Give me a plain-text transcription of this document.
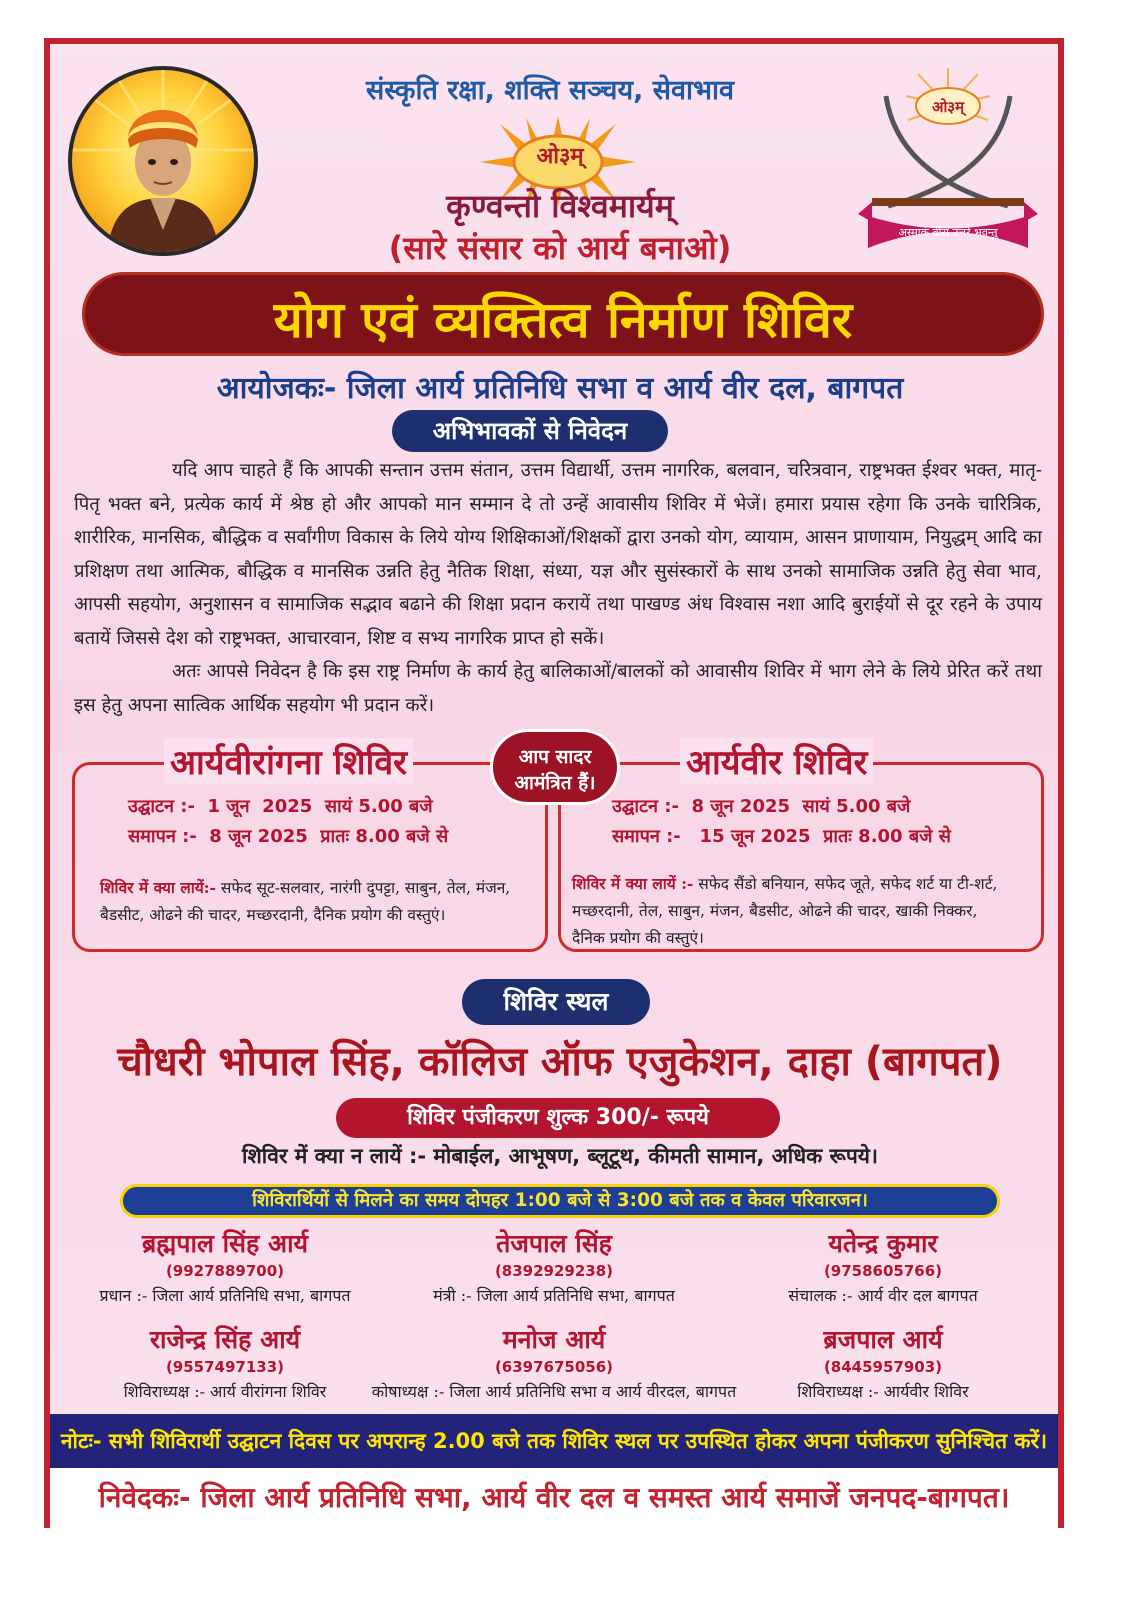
संस्कृति रक्षा, शक्ति सञ्चय, सेवाभाव
ओ३म्
कृण्वन्तो विश्वमार्यम्
(सारे संसार को आर्य बनाओ)
ओ३म्
अस्माकं वीरा उत्तरे भवन्तु
योग एवं व्यक्तित्व निर्माण शिविर
आयोजकः- जिला आर्य प्रतिनिधि सभा व आर्य वीर दल, बागपत
अभिभावकों से निवेदन

यदि आप चाहते हैं कि आपकी सन्तान उत्तम संतान, उत्तम विद्यार्थी, उत्तम नागरिक, बलवान, चरित्रवान, राष्ट्रभक्त ईश्वर भक्त, मातृ-पितृ भक्त बने, प्रत्येक कार्य में श्रेष्ठ हो और आपको मान सम्मान दे तो उन्हें आवासीय शिविर में भेजें। हमारा प्रयास रहेगा कि उनके चारित्रिक, शारीरिक, मानसिक, बौद्धिक व सर्वांगीण विकास के लिये योग्य शिक्षिकाओं/शिक्षकों द्वारा उनको योग, व्यायाम, आसन प्राणायाम, नियुद्धम् आदि का प्रशिक्षण तथा आत्मिक, बौद्धिक व मानसिक उन्नति हेतु नैतिक शिक्षा, संध्या, यज्ञ और सुसंस्कारों के साथ उनको सामाजिक उन्नति हेतु सेवा भाव, आपसी सहयोग, अनुशासन व सामाजिक सद्भाव बढाने की शिक्षा प्रदान करायें तथा पाखण्ड अंध विश्वास नशा आदि बुराईयों से दूर रहने के उपाय बतायें जिससे देश को राष्ट्रभक्त, आचारवान, शिष्ट व सभ्य नागरिक प्राप्त हो सकें।

अतः आपसे निवेदन है कि इस राष्ट्र निर्माण के कार्य हेतु बालिकाओं/बालकों को आवासीय शिविर में भाग लेने के लिये प्रेरित करें तथा इस हेतु अपना सात्विक आर्थिक सहयोग भी प्रदान करें।

आर्यवीरांगना शिविर	आर्यवीर शिविर
आप सादर
आमंत्रित हैं।
उद्घाटन :-  1 जून  2025  सायं 5.00 बजे
समापन :-  8 जून 2025  प्रातः 8.00 बजे से
शिविर में क्या लायें:- सफेद सूट-सलवार, नारंगी दुपट्टा, साबुन, तेल, मंजन, बैडसीट, ओढने की चादर, मच्छरदानी, दैनिक प्रयोग की वस्तुएं।
उद्घाटन :-  8 जून 2025  सायं 5.00 बजे
समापन :-   15 जून 2025  प्रातः 8.00 बजे से
शिविर में क्या लायें :- सफेद सैंडो बनियान, सफेद जूते, सफेद शर्ट या टी-शर्ट, मच्छरदानी, तेल, साबुन, मंजन, बैडसीट, ओढने की चादर, खाकी निक्कर, दैनिक प्रयोग की वस्तुएं।
शिविर स्थल
चौधरी भोपाल सिंह, कॉलिज ऑफ एजुकेशन, दाहा (बागपत)
शिविर पंजीकरण शुल्क 300/- रूपये
शिविर में क्या न लायें :- मोबाईल, आभूषण, ब्लूटूथ, कीमती सामान, अधिक रूपये।
शिविरार्थियों से मिलने का समय दोपहर 1:00 बजे से 3:00 बजे तक व केवल परिवारजन।
ब्रह्मपाल सिंह आर्य
(9927889700)
प्रधान :- जिला आर्य प्रतिनिधि सभा, बागपत
तेजपाल सिंह
(8392929238)
मंत्री :- जिला आर्य प्रतिनिधि सभा, बागपत
यतेन्द्र कुमार
(9758605766)
संचालक :- आर्य वीर दल बागपत
राजेन्द्र सिंह आर्य
(9557497133)
शिविराध्यक्ष :- आर्य वीरांगना शिविर
मनोज आर्य
(6397675056)
कोषाध्यक्ष :- जिला आर्य प्रतिनिधि सभा व आर्य वीरदल, बागपत
ब्रजपाल आर्य
(8445957903)
शिविराध्यक्ष :- आर्यवीर शिविर
नोटः- सभी शिविरार्थी उद्घाटन दिवस पर अपरान्ह 2.00 बजे तक शिविर स्थल पर उपस्थित होकर अपना पंजीकरण सुनिश्चित करें।
निवेदकः- जिला आर्य प्रतिनिधि सभा, आर्य वीर दल व समस्त आर्य समाजें जनपद-बागपत।
